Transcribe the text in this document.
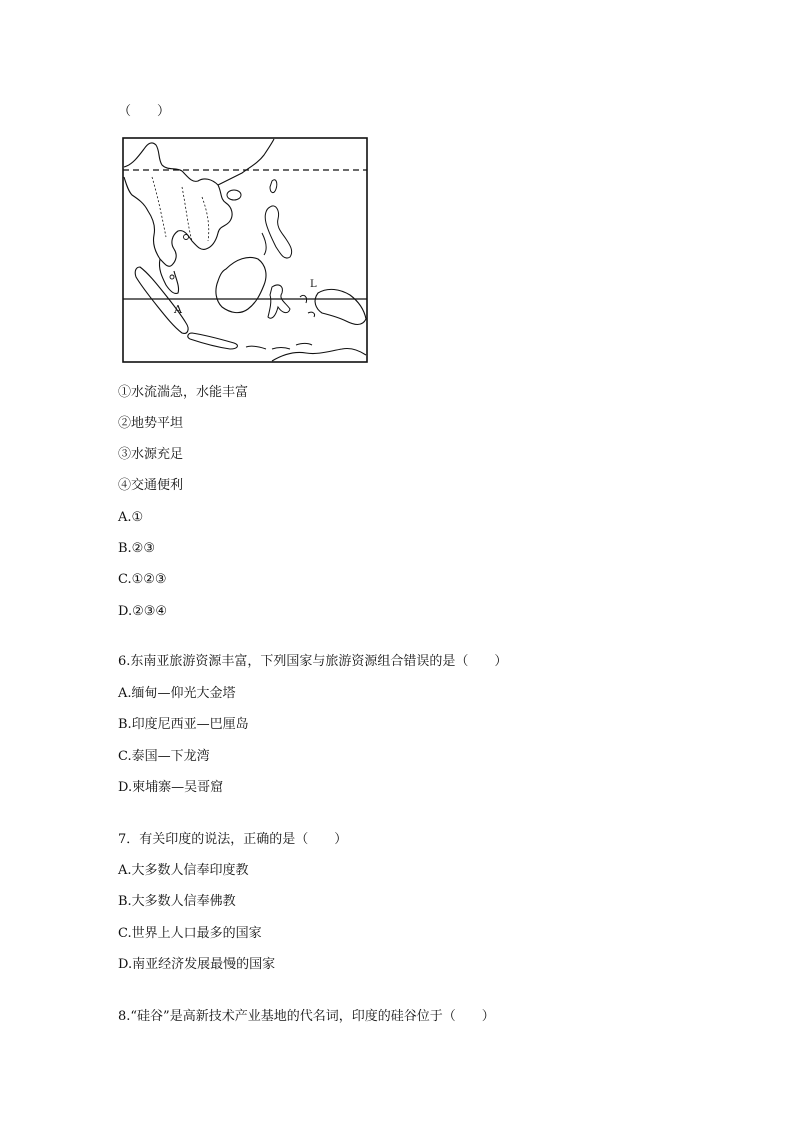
（　　）
A
L
①水流湍急，水能丰富
②地势平坦
③水源充足
④交通便利
A.①
B.②③
C.①②③
D.②③④
6.东南亚旅游资源丰富，下列国家与旅游资源组合错误的是（　　）
A.缅甸—仰光大金塔
B.印度尼西亚—巴厘岛
C.泰国—下龙湾
D.柬埔寨—吴哥窟
7．有关印度的说法，正确的是（　　）
A.大多数人信奉印度教
B.大多数人信奉佛教
C.世界上人口最多的国家
D.南亚经济发展最慢的国家
8.“硅谷”是高新技术产业基地的代名词，印度的硅谷位于（　　）
